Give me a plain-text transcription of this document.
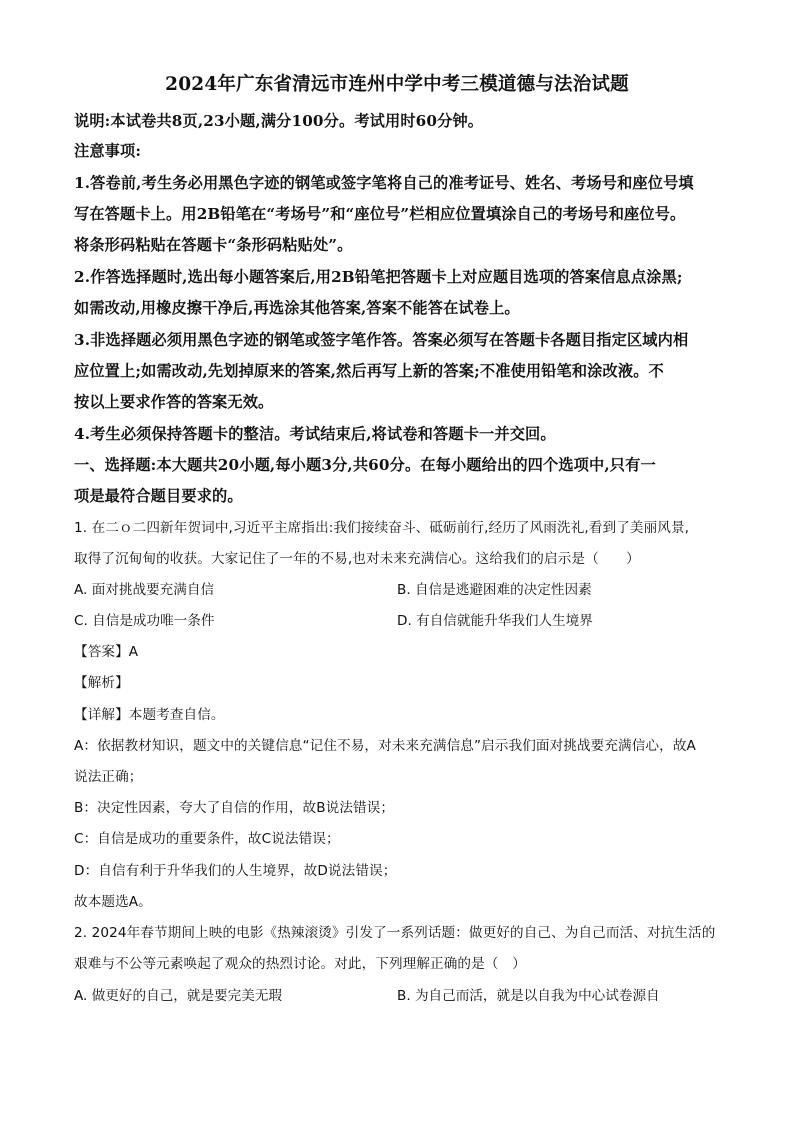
2024年广东省清远市连州中学中考三模道德与法治试题
说明:本试卷共8页,23小题,满分100分。考试用时60分钟。
注意事项:
1.答卷前,考生务必用黑色字迹的钢笔或签字笔将自己的准考证号、姓名、考场号和座位号填
写在答题卡上。用2B铅笔在“考场号”和“座位号”栏相应位置填涂自己的考场号和座位号。
将条形码粘贴在答题卡“条形码粘贴处”。
2.作答选择题时,选出每小题答案后,用2B铅笔把答题卡上对应题目选项的答案信息点涂黑;
如需改动,用橡皮擦干净后,再选涂其他答案,答案不能答在试卷上。
3.非选择题必须用黑色字迹的钢笔或签字笔作答。答案必须写在答题卡各题目指定区域内相
应位置上;如需改动,先划掉原来的答案,然后再写上新的答案;不准使用铅笔和涂改液。不
按以上要求作答的答案无效。
4.考生必须保持答题卡的整洁。考试结束后,将试卷和答题卡一并交回。
一、选择题:本大题共20小题,每小题3分,共60分。在每小题给出的四个选项中,只有一
项是最符合题目要求的。
1. 在二ｏ二四新年贺词中,习近平主席指出:我们接续奋斗、砥砺前行,经历了风雨洗礼,看到了美丽风景,
取得了沉甸甸的收获。大家记住了一年的不易,也对未来充满信心。这给我们的启示是（　　）
A. 面对挑战要充满自信	B. 自信是逃避困难的决定性因素
C. 自信是成功唯一条件	D. 有自信就能升华我们人生境界
【答案】A
【解析】
【详解】本题考查自信。
A：依据教材知识，题文中的关键信息“记住不易，对未来充满信息”启示我们面对挑战要充满信心，故A
说法正确；
B：决定性因素，夸大了自信的作用，故B说法错误；
C：自信是成功的重要条件，故C说法错误；
D：自信有利于升华我们的人生境界，故D说法错误；
故本题选A。
2. 2024年春节期间上映的电影《热辣滚烫》引发了一系列话题：做更好的自己、为自己而活、对抗生活的
艰难与不公等元素唤起了观众的热烈讨论。对此，下列理解正确的是（　）
A. 做更好的自己，就是要完美无瑕	B. 为自己而活，就是以自我为中心试卷源自
